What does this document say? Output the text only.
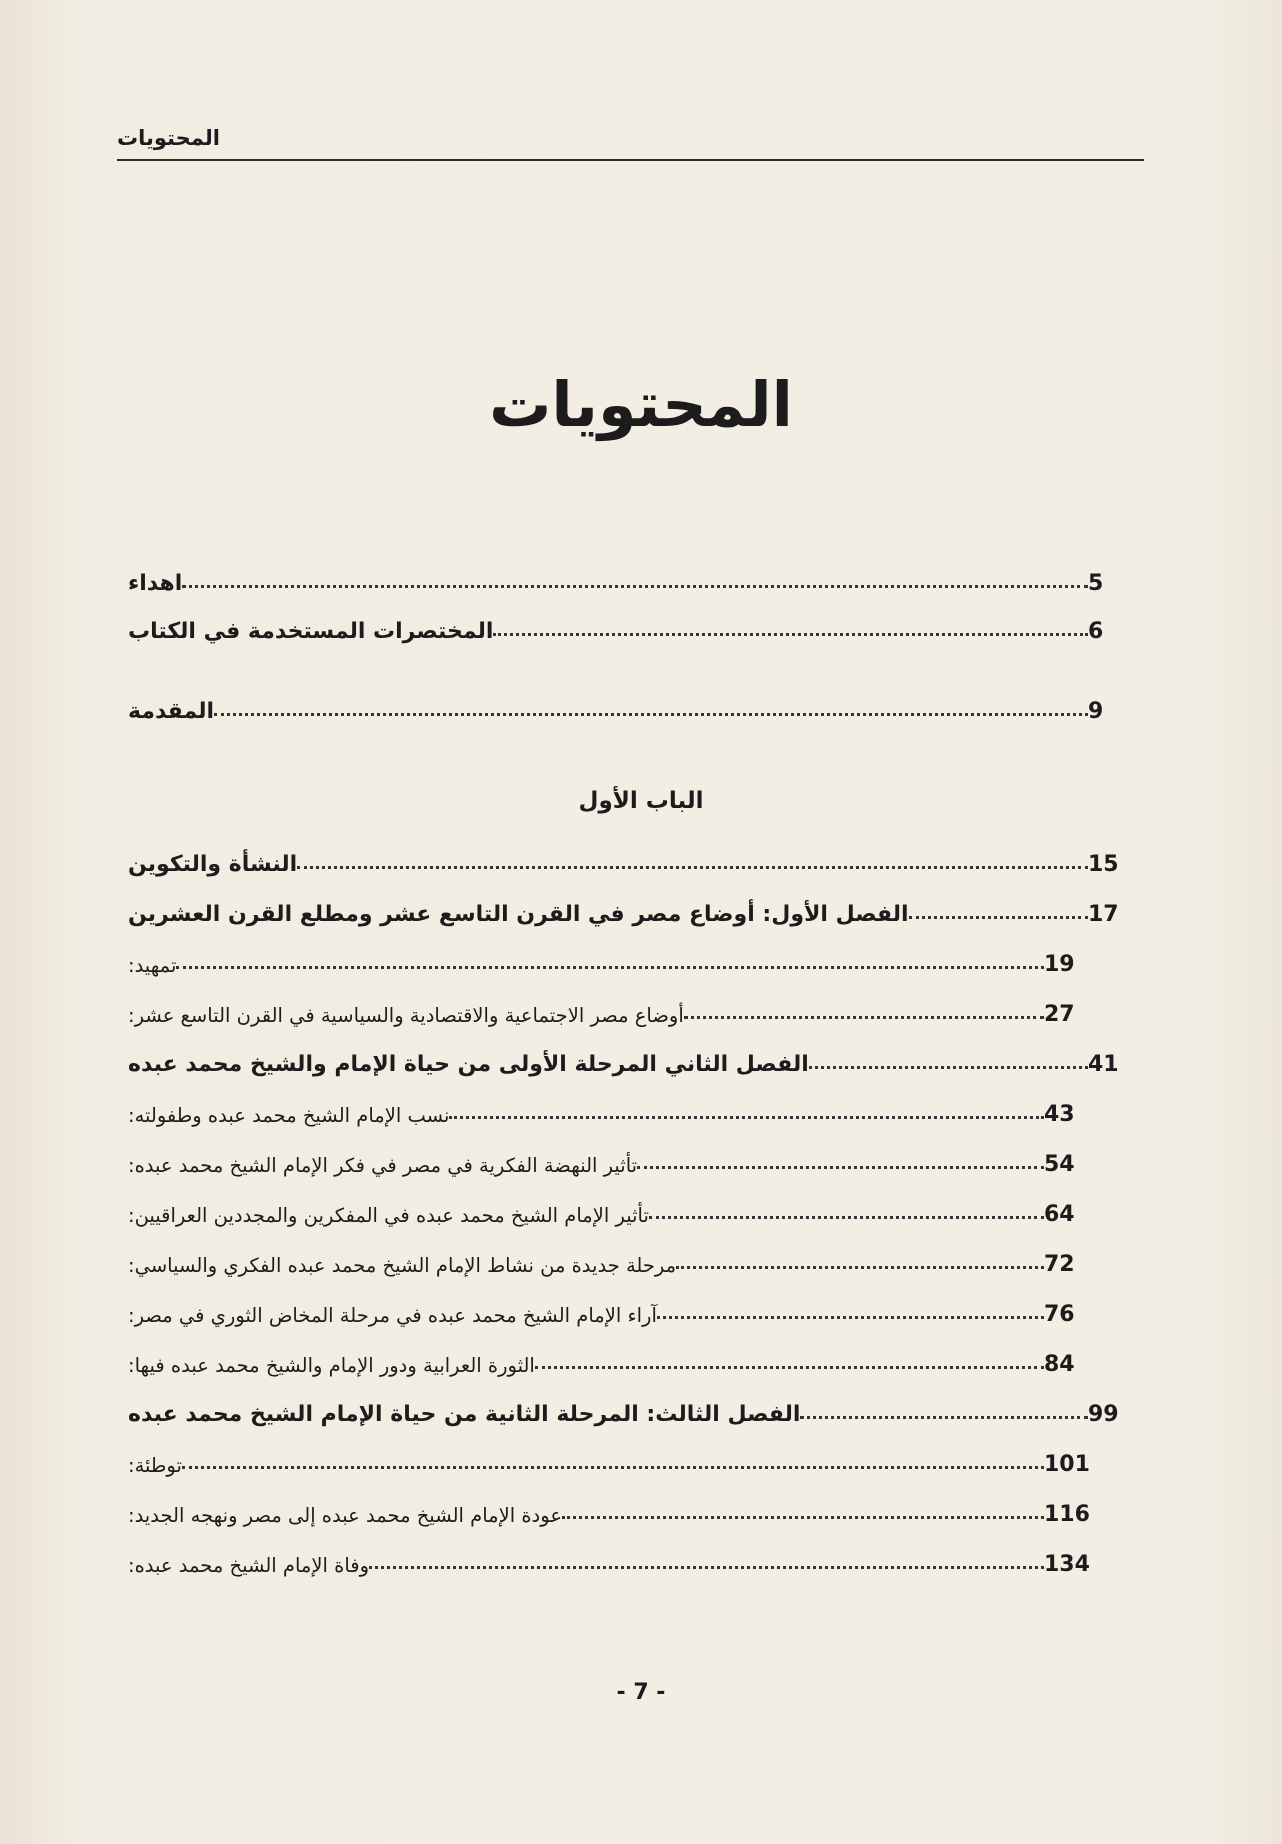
المحتويات
المحتويات
اهداء	5
المختصرات المستخدمة في الكتاب	6
المقدمة	9
الباب الأول
النشأة والتكوين	15
الفصل الأول: أوضاع مصر في القرن التاسع عشر ومطلع القرن العشرين	17
تمهيد:	19
أوضاع مصر الاجتماعية والاقتصادية والسياسية في القرن التاسع عشر:	27
الفصل الثاني المرحلة الأولى من حياة الإمام والشيخ محمد عبده	41
نسب الإمام الشيخ محمد عبده وطفولته:	43
تأثير النهضة الفكرية في مصر في فكر الإمام الشيخ محمد عبده:	54
تأثير الإمام الشيخ محمد عبده في المفكرين والمجددين العراقيين:	64
مرحلة جديدة من نشاط الإمام الشيخ محمد عبده الفكري والسياسي:	72
آراء الإمام الشيخ محمد عبده في مرحلة المخاض الثوري في مصر:	76
الثورة العرابية ودور الإمام والشيخ محمد عبده فيها:	84
الفصل الثالث: المرحلة الثانية من حياة الإمام الشيخ محمد عبده	99
توطئة:	101
عودة الإمام الشيخ محمد عبده إلى مصر ونهجه الجديد:	116
وفاة الإمام الشيخ محمد عبده:	134
- 7 -
